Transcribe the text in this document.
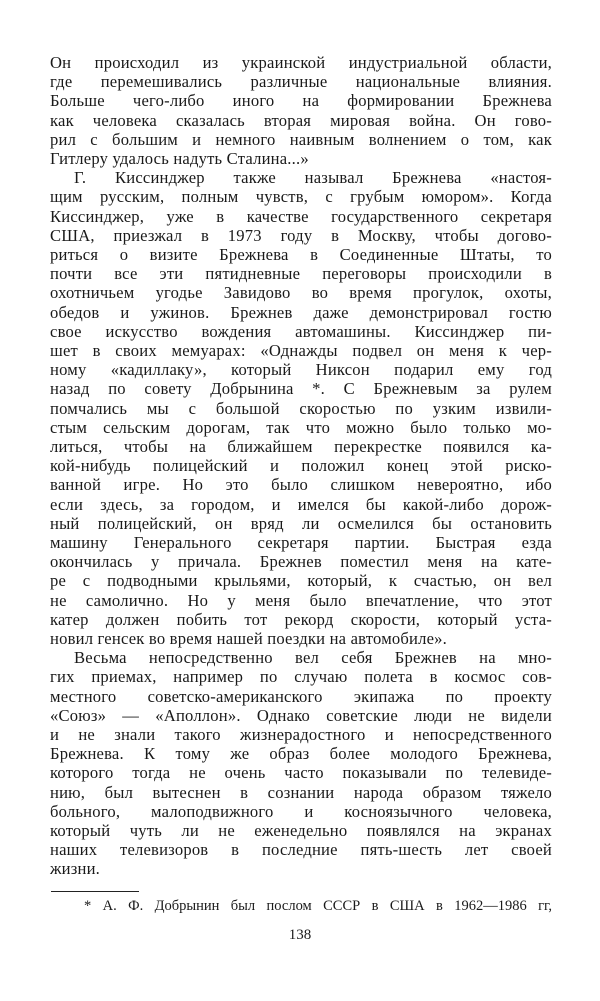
Он происходил из украинской индустриальной области,
где перемешивались различные национальные влияния.
Больше чего-либо иного на формировании Брежнева
как человека сказалась вторая мировая война. Он гово-
рил с большим и немного наивным волнением о том, как
Гитлеру удалось надуть Сталина...»
Г. Киссинджер также называл Брежнева «настоя-
щим русским, полным чувств, с грубым юмором». Когда
Киссинджер, уже в качестве государственного секретаря
США, приезжал в 1973 году в Москву, чтобы догово-
риться о визите Брежнева в Соединенные Штаты, то
почти все эти пятидневные переговоры происходили в
охотничьем угодье Завидово во время прогулок, охоты,
обедов и ужинов. Брежнев даже демонстрировал гостю
свое искусство вождения автомашины. Киссинджер пи-
шет в своих мемуарах: «Однажды подвел он меня к чер-
ному «кадиллаку», который Никсон подарил ему год
назад по совету Добрынина *. С Брежневым за рулем
помчались мы с большой скоростью по узким извили-
стым сельским дорогам, так что можно было только мо-
литься, чтобы на ближайшем перекрестке появился ка-
кой-нибудь полицейский и положил конец этой риско-
ванной игре. Но это было слишком невероятно, ибо
если здесь, за городом, и имелся бы какой-либо дорож-
ный полицейский, он вряд ли осмелился бы остановить
машину Генерального секретаря партии. Быстрая езда
окончилась у причала. Брежнев поместил меня на кате-
ре с подводными крыльями, который, к счастью, он вел
не самолично. Но у меня было впечатление, что этот
катер должен побить тот рекорд скорости, который уста-
новил генсек во время нашей поездки на автомобиле».
Весьма непосредственно вел себя Брежнев на мно-
гих приемах, например по случаю полета в космос сов-
местного советско-американского экипажа по проекту
«Союз» — «Аполлон». Однако советские люди не видели
и не знали такого жизнерадостного и непосредственного
Брежнева. К тому же образ более молодого Брежнева,
которого тогда не очень часто показывали по телевиде-
нию, был вытеснен в сознании народа образом тяжело
больного, малоподвижного и косноязычного человека,
который чуть ли не еженедельно появлялся на экранах
наших телевизоров в последние пять-шесть лет своей
жизни.
* А. Ф. Добрынин был послом СССР в США в 1962—1986 гг,
138
